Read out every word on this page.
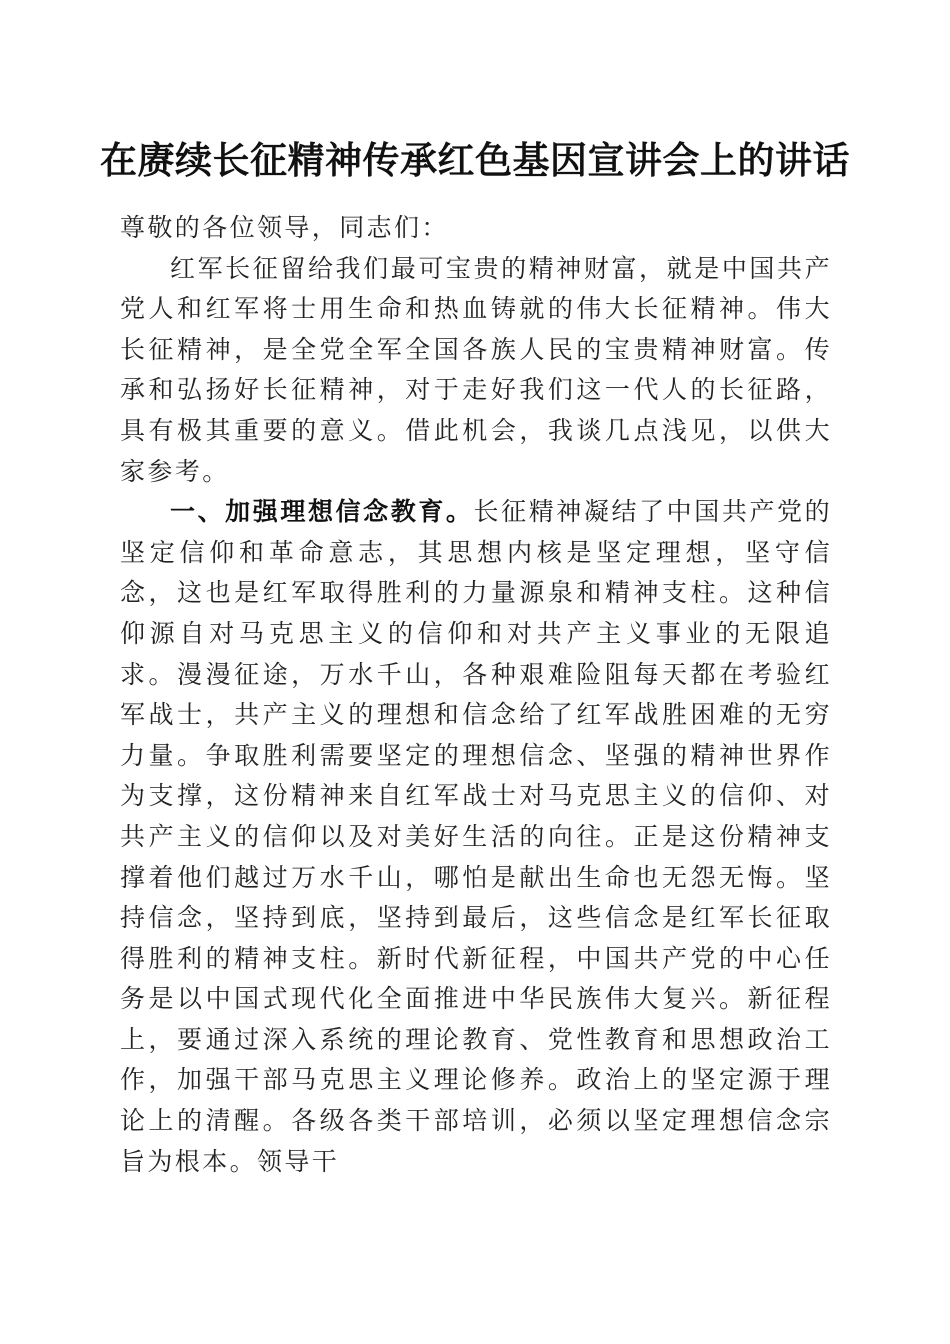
在赓续长征精神传承红色基因宣讲会上的讲话

尊敬的各位领导，同志们：

红军长征留给我们最可宝贵的精神财富，就是中国共产党人和红军将士用生命和热血铸就的伟大长征精神。伟大长征精神，是全党全军全国各族人民的宝贵精神财富。传承和弘扬好长征精神，对于走好我们这一代人的长征路，具有极其重要的意义。借此机会，我谈几点浅见，以供大家参考。

一、加强理想信念教育。长征精神凝结了中国共产党的坚定信仰和革命意志，其思想内核是坚定理想，坚守信念，这也是红军取得胜利的力量源泉和精神支柱。这种信仰源自对马克思主义的信仰和对共产主义事业的无限追求。漫漫征途，万水千山，各种艰难险阻每天都在考验红军战士，共产主义的理想和信念给了红军战胜困难的无穷力量。争取胜利需要坚定的理想信念、坚强的精神世界作为支撑，这份精神来自红军战士对马克思主义的信仰、对共产主义的信仰以及对美好生活的向往。正是这份精神支撑着他们越过万水千山，哪怕是献出生命也无怨无悔。坚持信念，坚持到底，坚持到最后，这些信念是红军长征取得胜利的精神支柱。新时代新征程，中国共产党的中心任务是以中国式现代化全面推进中华民族伟大复兴。新征程上，要通过深入系统的理论教育、党性教育和思想政治工作，加强干部马克思主义理论修养。政治上的坚定源于理论上的清醒。各级各类干部培训，必须以坚定理想信念宗旨为根本。领导干
